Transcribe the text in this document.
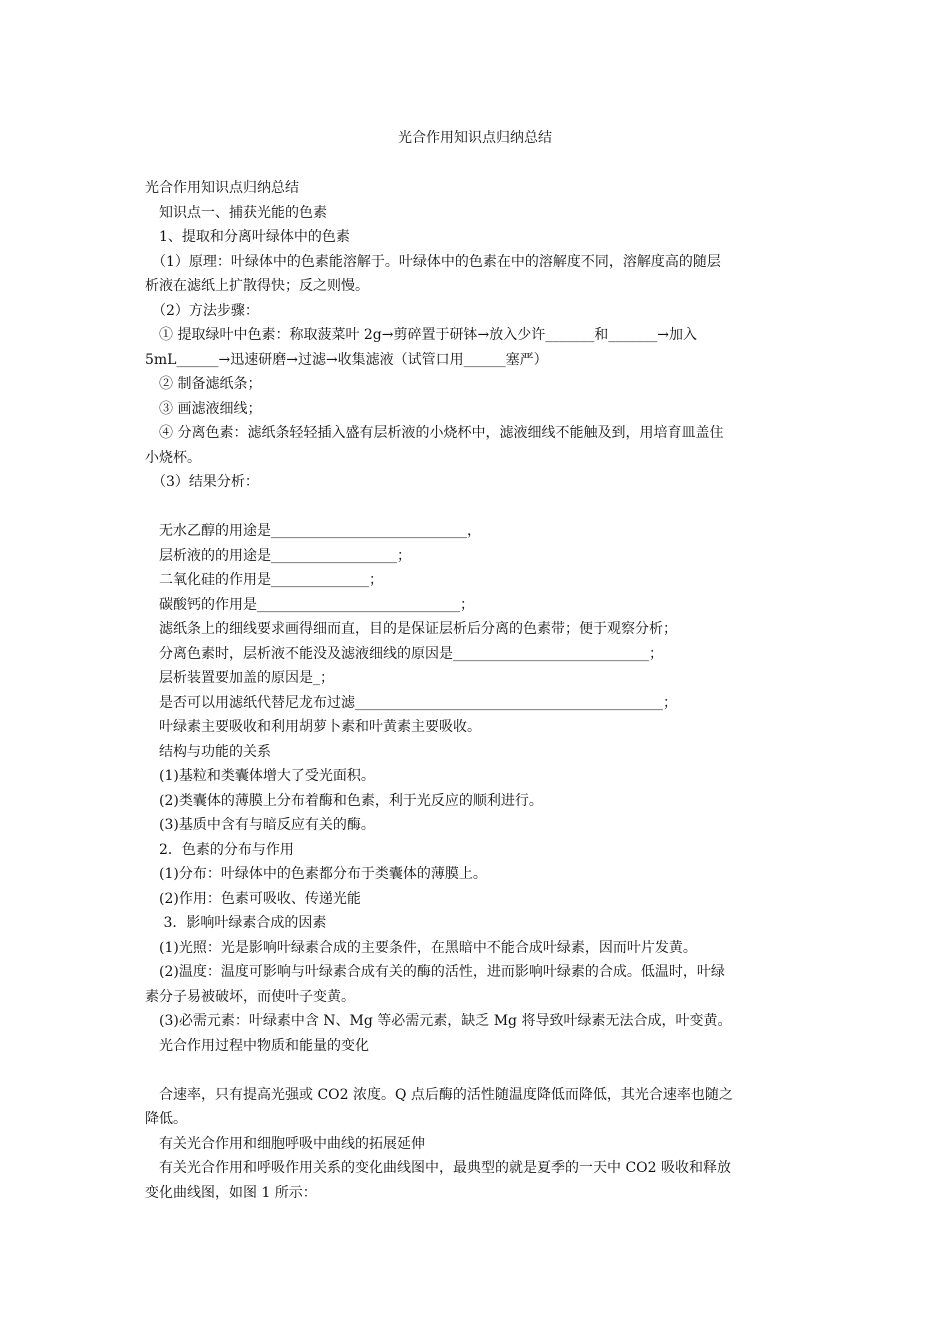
光合作用知识点归纳总结
光合作用知识点归纳总结
　知识点一、捕获光能的色素
　1、提取和分离叶绿体中的色素
　（1）原理：叶绿体中的色素能溶解于。叶绿体中的色素在中的溶解度不同，溶解度高的随层
析液在滤纸上扩散得快；反之则慢。
　（2）方法步骤：
　① 提取绿叶中色素：称取菠菜叶 2g→剪碎置于研钵→放入少许_______和_______→加入
5mL______→迅速研磨→过滤→收集滤液（试管口用______塞严）
　② 制备滤纸条；
　③ 画滤液细线；
　④ 分离色素：滤纸条轻轻插入盛有层析液的小烧杯中，滤液细线不能触及到，用培育皿盖住
小烧杯。
　（3）结果分析：
　无水乙醇的用途是____________________________，
　层析液的的用途是__________________；
　二氧化硅的作用是______________；
　碳酸钙的作用是_____________________________；
　滤纸条上的细线要求画得细而直，目的是保证层析后分离的色素带；便于观察分析；
　分离色素时，层析液不能没及滤液细线的原因是____________________________；
　层析装置要加盖的原因是_；
　是否可以用滤纸代替尼龙布过滤____________________________________________；
　叶绿素主要吸收和利用胡萝卜素和叶黄素主要吸收。
　结构与功能的关系
　(1)基粒和类囊体增大了受光面积。
　(2)类囊体的薄膜上分布着酶和色素，利于光反应的顺利进行。
　(3)基质中含有与暗反应有关的酶。
　2．色素的分布与作用
　(1)分布：叶绿体中的色素都分布于类囊体的薄膜上。
　(2)作用：色素可吸收、传递光能
　 3．影响叶绿素合成的因素
　(1)光照：光是影响叶绿素合成的主要条件，在黑暗中不能合成叶绿素，因而叶片发黄。
　(2)温度：温度可影响与叶绿素合成有关的酶的活性，进而影响叶绿素的合成。低温时，叶绿
素分子易被破坏，而使叶子变黄。
　(3)必需元素：叶绿素中含 N、Mg 等必需元素，缺乏 Mg 将导致叶绿素无法合成，叶变黄。
　光合作用过程中物质和能量的变化
　合速率，只有提高光强或 CO2 浓度。Q 点后酶的活性随温度降低而降低，其光合速率也随之
降低。
　有关光合作用和细胞呼吸中曲线的拓展延伸
　有关光合作用和呼吸作用关系的变化曲线图中，最典型的就是夏季的一天中 CO2 吸收和释放
变化曲线图，如图 1 所示：
